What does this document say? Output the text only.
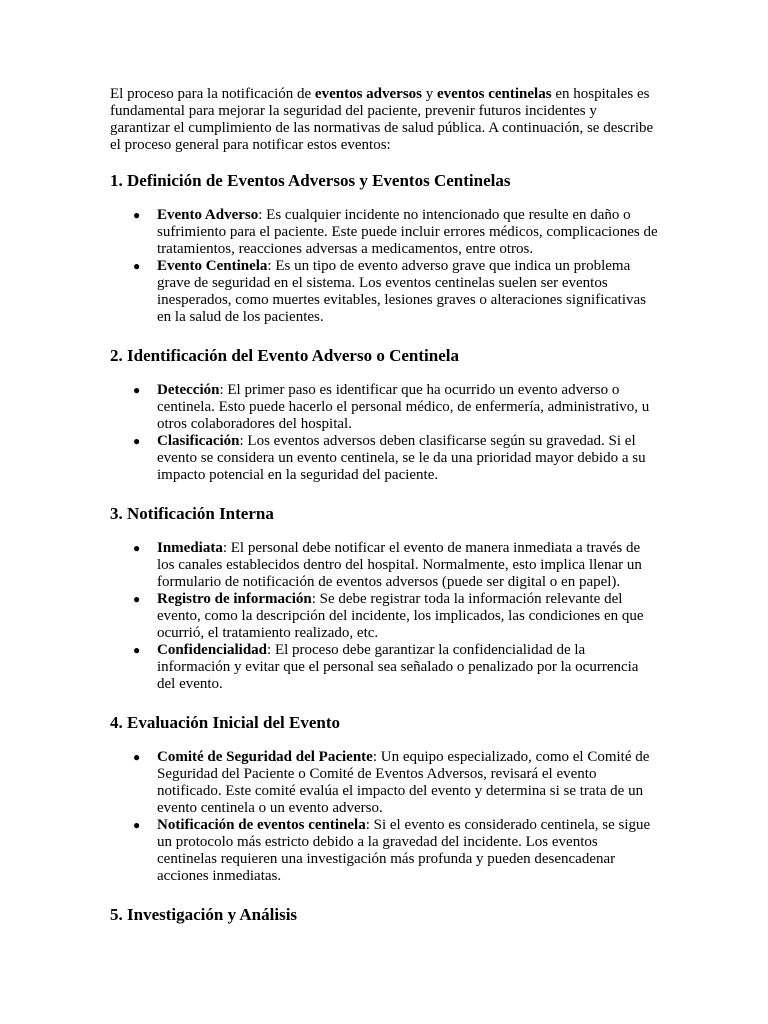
El proceso para la notificación de eventos adversos y eventos centinelas en hospitales es fundamental para mejorar la seguridad del paciente, prevenir futuros incidentes y garantizar el cumplimiento de las normativas de salud pública. A continuación, se describe el proceso general para notificar estos eventos:

1. Definición de Eventos Adversos y Eventos Centinelas
● Evento Adverso: Es cualquier incidente no intencionado que resulte en daño o sufrimiento para el paciente. Este puede incluir errores médicos, complicaciones de tratamientos, reacciones adversas a medicamentos, entre otros.
● Evento Centinela: Es un tipo de evento adverso grave que indica un problema grave de seguridad en el sistema. Los eventos centinelas suelen ser eventos inesperados, como muertes evitables, lesiones graves o alteraciones significativas en la salud de los pacientes.
2. Identificación del Evento Adverso o Centinela
● Detección: El primer paso es identificar que ha ocurrido un evento adverso o centinela. Esto puede hacerlo el personal médico, de enfermería, administrativo, u otros colaboradores del hospital.
● Clasificación: Los eventos adversos deben clasificarse según su gravedad. Si el evento se considera un evento centinela, se le da una prioridad mayor debido a su impacto potencial en la seguridad del paciente.
3. Notificación Interna
● Inmediata: El personal debe notificar el evento de manera inmediata a través de los canales establecidos dentro del hospital. Normalmente, esto implica llenar un formulario de notificación de eventos adversos (puede ser digital o en papel).
● Registro de información: Se debe registrar toda la información relevante del evento, como la descripción del incidente, los implicados, las condiciones en que ocurrió, el tratamiento realizado, etc.
● Confidencialidad: El proceso debe garantizar la confidencialidad de la información y evitar que el personal sea señalado o penalizado por la ocurrencia del evento.
4. Evaluación Inicial del Evento
● Comité de Seguridad del Paciente: Un equipo especializado, como el Comité de Seguridad del Paciente o Comité de Eventos Adversos, revisará el evento notificado. Este comité evalúa el impacto del evento y determina si se trata de un evento centinela o un evento adverso.
● Notificación de eventos centinela: Si el evento es considerado centinela, se sigue un protocolo más estricto debido a la gravedad del incidente. Los eventos centinelas requieren una investigación más profunda y pueden desencadenar acciones inmediatas.
5. Investigación y Análisis
